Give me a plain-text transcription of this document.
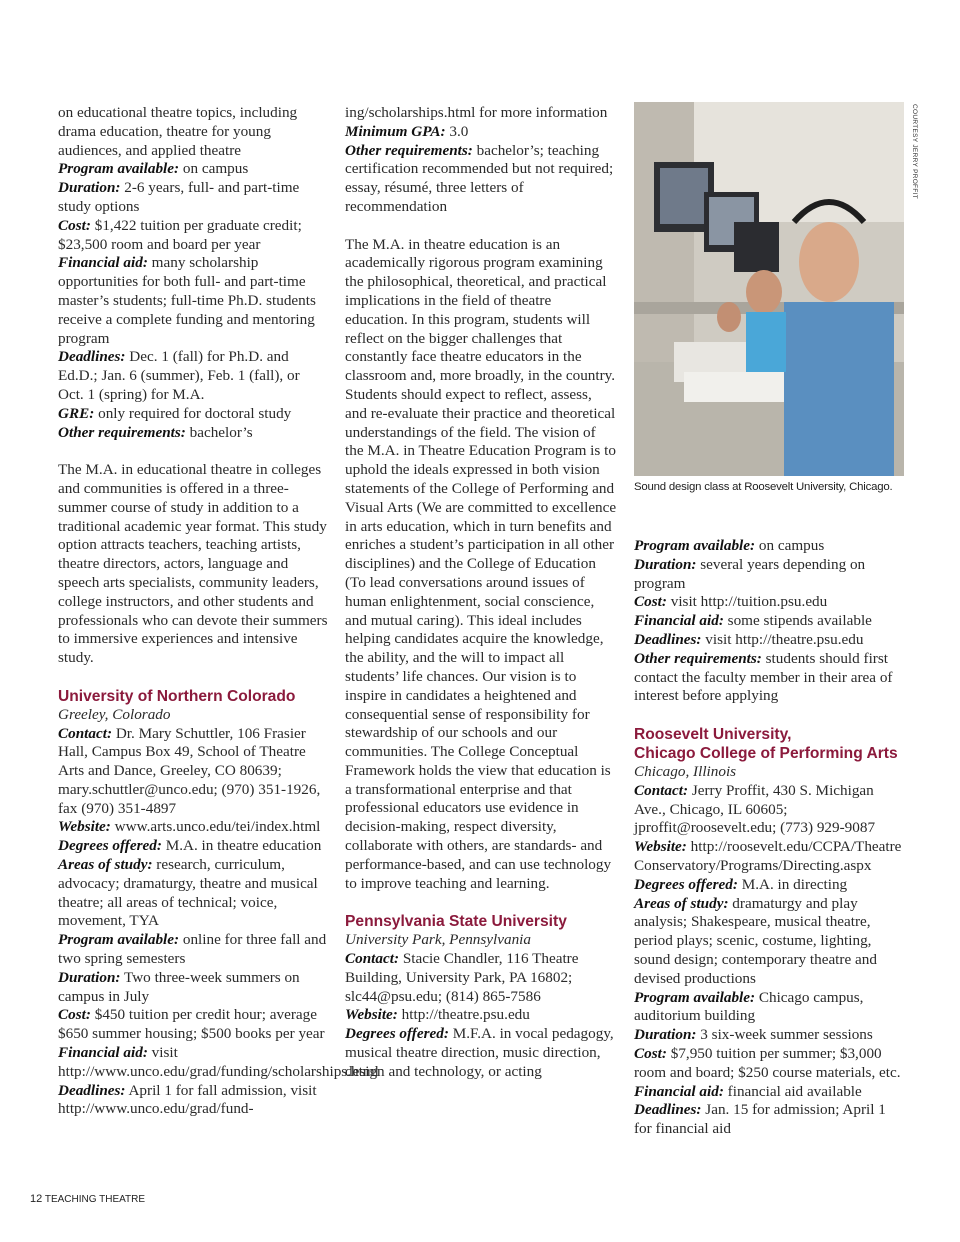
on educational theatre topics, including drama education, theatre for young audiences, and applied theatre

Program available: on campus

Duration: 2-6 years, full- and part-time study options

Cost: $1,422 tuition per graduate credit; $23,500 room and board per year

Financial aid: many scholarship opportunities for both full- and part-time master’s students; full-time Ph.D. students receive a complete funding and mentoring program

Deadlines: Dec. 1 (fall) for Ph.D. and Ed.D.; Jan. 6 (summer), Feb. 1 (fall), or Oct. 1 (spring) for M.A.

GRE: only required for doctoral study

Other requirements: bachelor’s

The M.A. in educational theatre in colleges and communities is offered in a three-summer course of study in addition to a traditional academic year format. This study option attracts teachers, teaching artists, theatre directors, actors, language and speech arts specialists, community leaders, college instructors, and other students and professionals who can devote their summers to immersive experiences and intensive study.

University of Northern Colorado

Greeley, Colorado

Contact: Dr. Mary Schuttler, 106 Frasier Hall, Campus Box 49, School of Theatre Arts and Dance, Greeley, CO 80639; mary.schuttler@unco.edu; (970) 351-1926, fax (970) 351-4897

Website: www.arts.unco.edu/tei/index.html

Degrees offered: M.A. in theatre education

Areas of study: research, curriculum, advocacy; dramaturgy, theatre and musical theatre; all areas of technical; voice, movement, TYA

Program available: online for three fall and two spring semesters

Duration: Two three-week summers on campus in July

Cost: $450 tuition per credit hour; average $650 summer housing; $500 books per year

Financial aid: visit http://www.unco.edu/grad/funding/scholarships.html

Deadlines: April 1 for fall admission, visit http://www.unco.edu/grad/fund-

ing/scholarships.html for more information

Minimum GPA: 3.0

Other requirements: bachelor’s; teaching certification recommended but not required; essay, résumé, three letters of recommendation

The M.A. in theatre education is an academically rigorous program examining the philosophical, theoretical, and practical implications in the field of theatre education. In this program, students will reflect on the bigger challenges that constantly face theatre educators in the classroom and, more broadly, in the country. Students should expect to reflect, assess, and re-evaluate their practice and theoretical understandings of the field. The vision of the M.A. in Theatre Education Program is to uphold the ideals expressed in both vision statements of the College of Performing and Visual Arts (We are committed to excellence in arts education, which in turn benefits and enriches a student’s participation in all other disciplines) and the College of Education (To lead conversations around issues of human enlightenment, social conscience, and mutual caring). This ideal includes helping candidates acquire the knowledge, the ability, and the will to impact all students’ life chances. Our vision is to inspire in candidates a heightened and consequential sense of responsibility for stewardship of our schools and our communities. The College Conceptual Framework holds the view that education is a transformational enterprise and that professional educators use evidence in decision-making, respect diversity, collaborate with others, are standards- and performance-based, and can use technology to improve teaching and learning.

Pennsylvania State University

University Park, Pennsylvania

Contact: Stacie Chandler, 116 Theatre Building, University Park, PA 16802; slc44@psu.edu; (814) 865-7586

Website: http://theatre.psu.edu

Degrees offered: M.F.A. in vocal pedagogy, musical theatre direction, music direction, design and technology, or acting

COURTESY JERRY PROFFIT
Sound design class at Roosevelt University, Chicago.

Program available: on campus

Duration: several years depending on program

Cost: visit http://tuition.psu.edu

Financial aid: some stipends available

Deadlines: visit http://theatre.psu.edu

Other requirements: students should first contact the faculty member in their area of interest before applying

Roosevelt University,
Chicago College of Performing Arts

Chicago, Illinois

Contact: Jerry Proffit, 430 S. Michigan Ave., Chicago, IL 60605; jproffit@roosevelt.edu; (773) 929-9087

Website: http://roosevelt.edu/CCPA/TheatreConservatory/Programs/Directing.aspx

Degrees offered: M.A. in directing

Areas of study: dramaturgy and play analysis; Shakespeare, musical theatre, period plays; scenic, costume, lighting, sound design; contemporary theatre and devised productions

Program available: Chicago campus, auditorium building

Duration: 3 six-week summer sessions

Cost: $7,950 tuition per summer; $3,000 room and board; $250 course materials, etc.

Financial aid: financial aid available

Deadlines: Jan. 15 for admission; April 1 for financial aid

12 TEACHING THEATRE
